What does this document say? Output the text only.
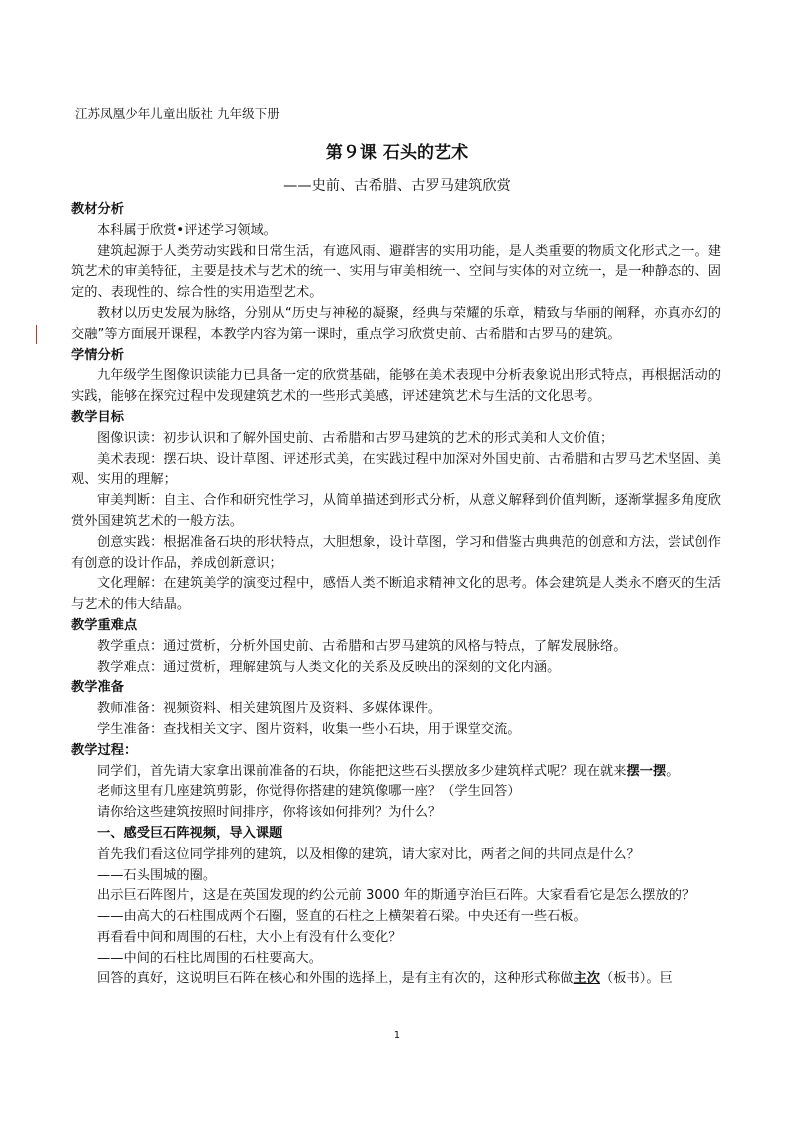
江苏凤凰少年儿童出版社 九年级下册
第９课 石头的艺术
——史前、古希腊、古罗马建筑欣赏
教材分析
本科属于欣赏•评述学习领域。
建筑起源于人类劳动实践和日常生活，有遮风雨、避群害的实用功能，是人类重要的物质文化形式之一。建筑艺术的审美特征，主要是技术与艺术的统一、实用与审美相统一、空间与实体的对立统一，是一种静态的、固定的、表现性的、综合性的实用造型艺术。
教材以历史发展为脉络，分别从“历史与神秘的凝聚，经典与荣耀的乐章，精致与华丽的阐释，亦真亦幻的交融”等方面展开课程，本教学内容为第一课时，重点学习欣赏史前、古希腊和古罗马的建筑。
学情分析
九年级学生图像识读能力已具备一定的欣赏基础，能够在美术表现中分析表象说出形式特点，再根据活动的实践，能够在探究过程中发现建筑艺术的一些形式美感，评述建筑艺术与生活的文化思考。
教学目标
图像识读：初步认识和了解外国史前、古希腊和古罗马建筑的艺术的形式美和人文价值；
美术表现：摆石块、设计草图、评述形式美，在实践过程中加深对外国史前、古希腊和古罗马艺术坚固、美观、实用的理解；
审美判断：自主、合作和研究性学习，从简单描述到形式分析，从意义解释到价值判断，逐渐掌握多角度欣赏外国建筑艺术的一般方法。
创意实践：根据准备石块的形状特点，大胆想象，设计草图，学习和借鉴古典典范的创意和方法，尝试创作有创意的设计作品，养成创新意识；
文化理解：在建筑美学的演变过程中，感悟人类不断追求精神文化的思考。体会建筑是人类永不磨灭的生活与艺术的伟大结晶。
教学重难点
教学重点：通过赏析，分析外国史前、古希腊和古罗马建筑的风格与特点，了解发展脉络。
教学难点：通过赏析，理解建筑与人类文化的关系及反映出的深刻的文化内涵。
教学准备
教师准备：视频资料、相关建筑图片及资料、多媒体课件。
学生准备：查找相关文字、图片资料，收集一些小石块，用于课堂交流。
教学过程：
同学们，首先请大家拿出课前准备的石块，你能把这些石头摆放多少建筑样式呢？现在就来摆一摆。
老师这里有几座建筑剪影，你觉得你搭建的建筑像哪一座？（学生回答）
请你给这些建筑按照时间排序，你将该如何排列？为什么？
一、感受巨石阵视频，导入课题
首先我们看这位同学排列的建筑，以及相像的建筑，请大家对比，两者之间的共同点是什么？
——石头围城的圈。
出示巨石阵图片，这是在英国发现的约公元前 3000 年的斯通亨治巨石阵。大家看看它是怎么摆放的？
——由高大的石柱围成两个石圈，竖直的石柱之上横架着石梁。中央还有一些石板。
再看看中间和周围的石柱，大小上有没有什么变化？
——中间的石柱比周围的石柱要高大。
回答的真好，这说明巨石阵在核心和外围的选择上，是有主有次的，这种形式称做主次（板书）。巨
1
